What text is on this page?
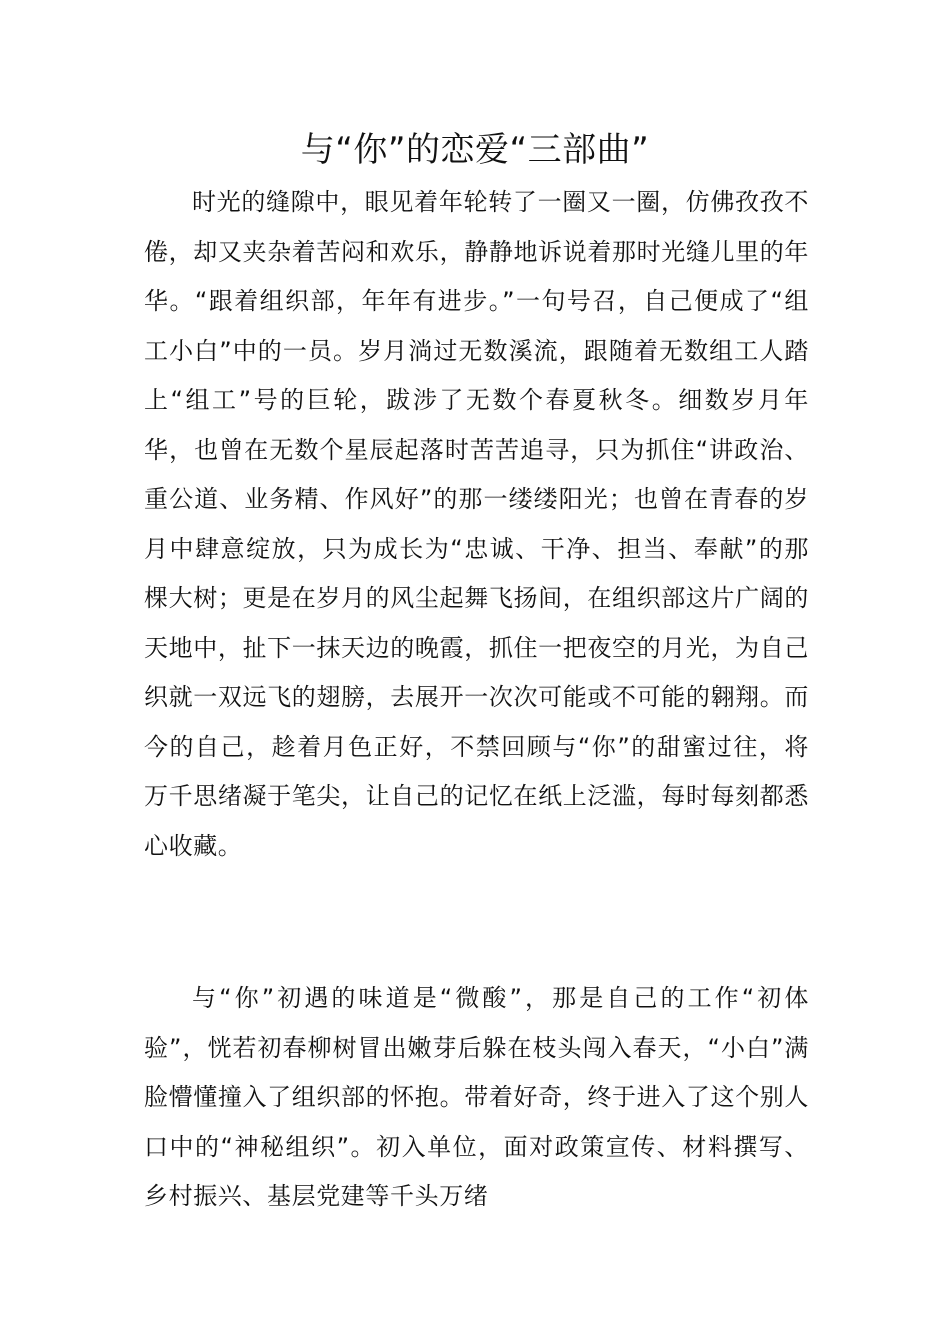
与“你”的恋爱“三部曲”

时光的缝隙中，眼见着年轮转了一圈又一圈，仿佛孜孜不倦，却又夹杂着苦闷和欢乐，静静地诉说着那时光缝儿里的年华。“跟着组织部，年年有进步。”一句号召，自己便成了“组工小白”中的一员。岁月淌过无数溪流，跟随着无数组工人踏上“组工”号的巨轮，跋涉了无数个春夏秋冬。细数岁月年华，也曾在无数个星辰起落时苦苦追寻，只为抓住“讲政治、重公道、业务精、作风好”的那一缕缕阳光；也曾在青春的岁月中肆意绽放，只为成长为“忠诚、干净、担当、奉献”的那棵大树；更是在岁月的风尘起舞飞扬间，在组织部这片广阔的天地中，扯下一抹天边的晚霞，抓住一把夜空的月光，为自己织就一双远飞的翅膀，去展开一次次可能或不可能的翱翔。而今的自己，趁着月色正好，不禁回顾与“你”的甜蜜过往，将万千思绪凝于笔尖，让自己的记忆在纸上泛滥，每时每刻都悉心收藏。

与“你”初遇的味道是“微酸”，那是自己的工作“初体验”，恍若初春柳树冒出嫩芽后躲在枝头闯入春天，“小白”满脸懵懂撞入了组织部的怀抱。带着好奇，终于进入了这个别人口中的“神秘组织”。初入单位，面对政策宣传、材料撰写、乡村振兴、基层党建等千头万绪
